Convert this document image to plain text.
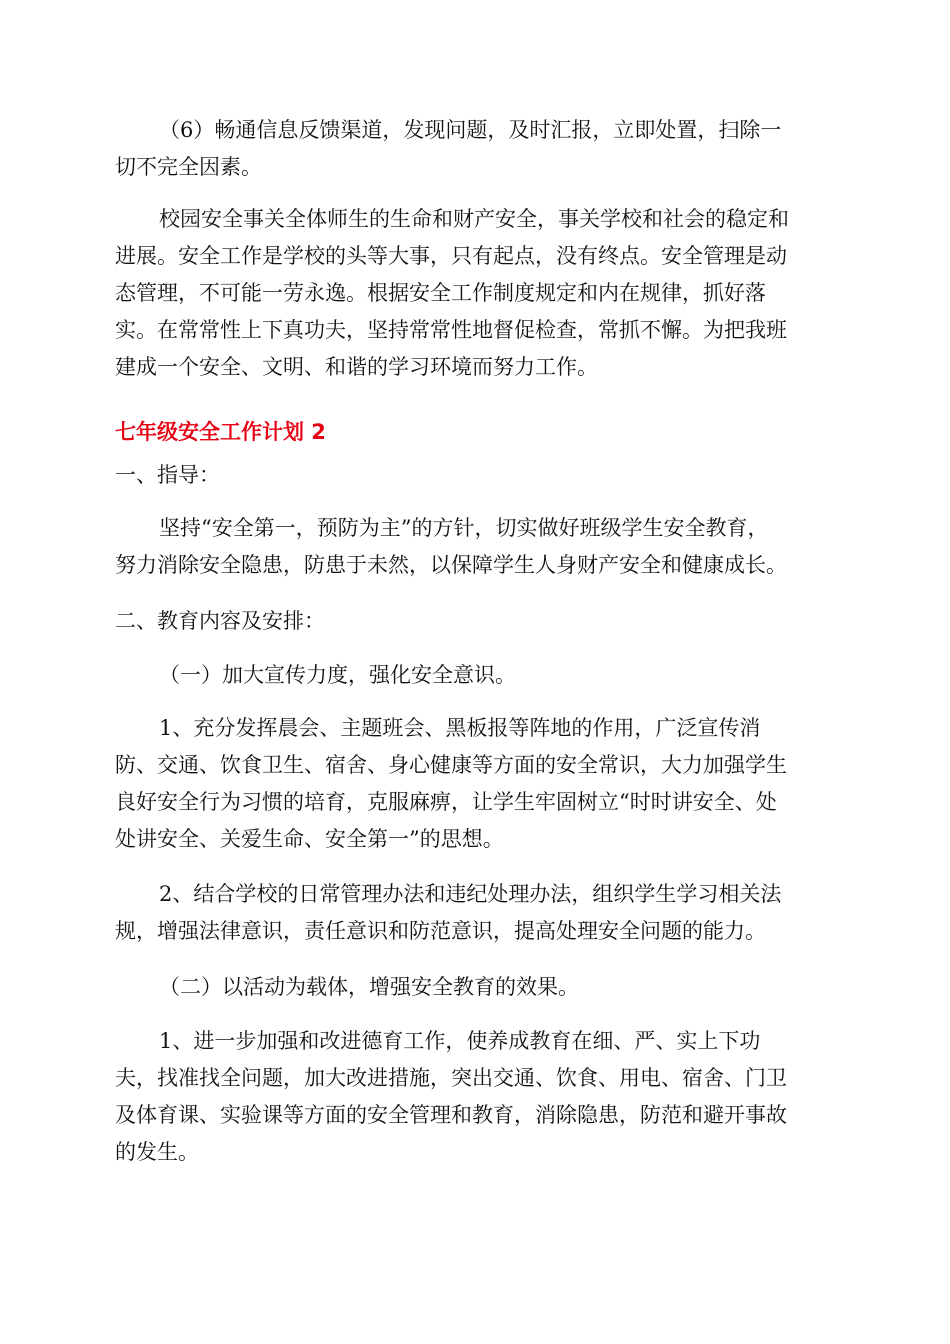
（6）畅通信息反馈渠道，发现问题，及时汇报，立即处置，扫除一
切不完全因素。

校园安全事关全体师生的生命和财产安全，事关学校和社会的稳定和
进展。安全工作是学校的头等大事，只有起点，没有终点。安全管理是动
态管理，不可能一劳永逸。根据安全工作制度规定和内在规律，抓好落
实。在常常性上下真功夫，坚持常常性地督促检查，常抓不懈。为把我班
建成一个安全、文明、和谐的学习环境而努力工作。

七年级安全工作计划 2

一、指导：

坚持“安全第一，预防为主”的方针，切实做好班级学生安全教育，
努力消除安全隐患，防患于未然，以保障学生人身财产安全和健康成长。

二、教育内容及安排：

（一）加大宣传力度，强化安全意识。

1、充分发挥晨会、主题班会、黑板报等阵地的作用，广泛宣传消
防、交通、饮食卫生、宿舍、身心健康等方面的安全常识，大力加强学生
良好安全行为习惯的培育，克服麻痹，让学生牢固树立“时时讲安全、处
处讲安全、关爱生命、安全第一”的思想。

2、结合学校的日常管理办法和违纪处理办法，组织学生学习相关法
规，增强法律意识，责任意识和防范意识，提高处理安全问题的能力。

（二）以活动为载体，增强安全教育的效果。

1、进一步加强和改进德育工作，使养成教育在细、严、实上下功
夫，找准找全问题，加大改进措施，突出交通、饮食、用电、宿舍、门卫
及体育课、实验课等方面的安全管理和教育，消除隐患，防范和避开事故
的发生。
